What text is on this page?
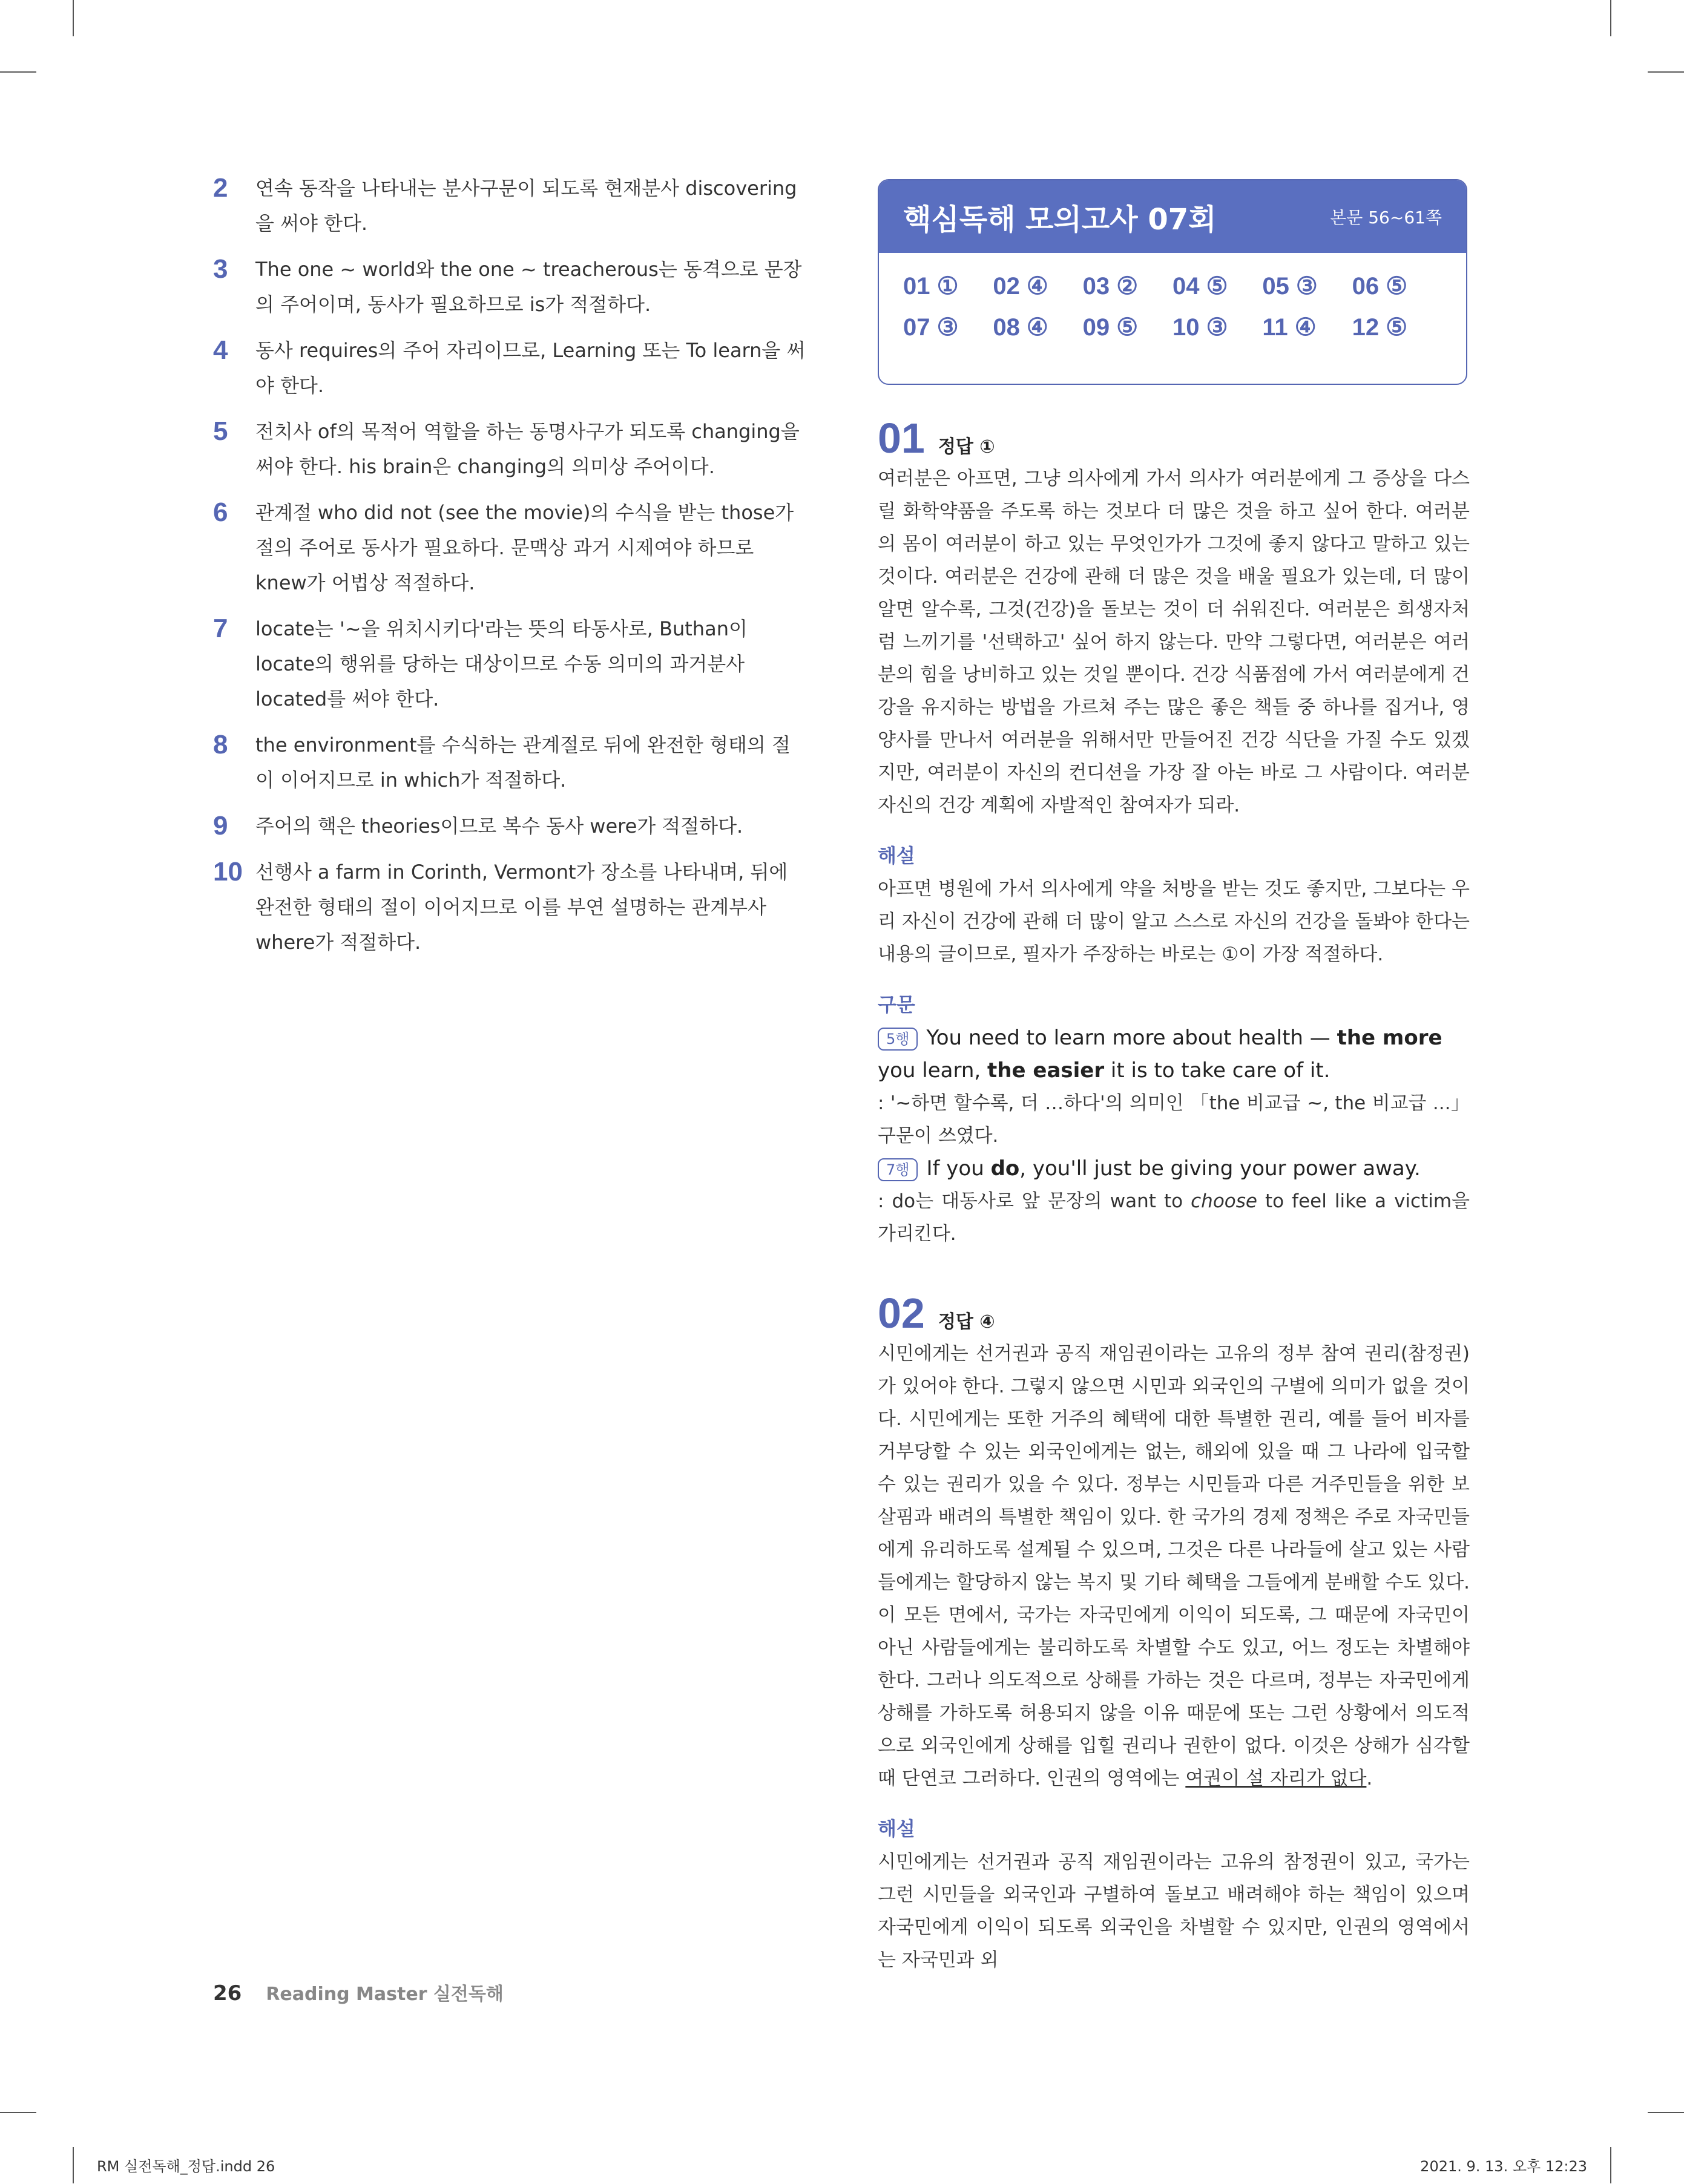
2	연속 동작을 나타내는 분사구문이 되도록 현재분사 discovering을 써야 한다.
3	The one ~ world와 the one ~ treacherous는 동격으로 문장의 주어이며, 동사가 필요하므로 is가 적절하다.
4	동사 requires의 주어 자리이므로, Learning 또는 To learn을 써야 한다.
5	전치사 of의 목적어 역할을 하는 동명사구가 되도록 changing을 써야 한다. his brain은 changing의 의미상 주어이다.
6	관계절 who did not (see the movie)의 수식을 받는 those가 절의 주어로 동사가 필요하다. 문맥상 과거 시제여야 하므로 knew가 어법상 적절하다.
7	locate는 '~을 위치시키다'라는 뜻의 타동사로, Buthan이 locate의 행위를 당하는 대상이므로 수동 의미의 과거분사 located를 써야 한다.
8	the environment를 수식하는 관계절로 뒤에 완전한 형태의 절이 이어지므로 in which가 적절하다.
9	주어의 핵은 theories이므로 복수 동사 were가 적절하다.
10 선행사 a farm in Corinth, Vermont가 장소를 나타내며, 뒤에 완전한 형태의 절이 이어지므로 이를 부연 설명하는 관계부사 where가 적절하다.
핵심독해 모의고사 07회	본문 56~61쪽
01 ①	02 ④	03 ②	04 ⑤	05 ③	06 ⑤
07 ③	08 ④	09 ⑤	10 ③	11 ④	12 ⑤
01 정답 ①
여러분은 아프면, 그냥 의사에게 가서 의사가 여러분에게 그 증상을 다스릴 화학약품을 주도록 하는 것보다 더 많은 것을 하고 싶어 한다. 여러분의 몸이 여러분이 하고 있는 무엇인가가 그것에 좋지 않다고 말하고 있는 것이다. 여러분은 건강에 관해 더 많은 것을 배울 필요가 있는데, 더 많이 알면 알수록, 그것(건강)을 돌보는 것이 더 쉬워진다. 여러분은 희생자처럼 느끼기를 '선택하고' 싶어 하지 않는다. 만약 그렇다면, 여러분은 여러분의 힘을 낭비하고 있는 것일 뿐이다. 건강 식품점에 가서 여러분에게 건강을 유지하는 방법을 가르쳐 주는 많은 좋은 책들 중 하나를 집거나, 영양사를 만나서 여러분을 위해서만 만들어진 건강 식단을 가질 수도 있겠지만, 여러분이 자신의 컨디션을 가장 잘 아는 바로 그 사람이다. 여러분 자신의 건강 계획에 자발적인 참여자가 되라.
해설
아프면 병원에 가서 의사에게 약을 처방을 받는 것도 좋지만, 그보다는 우리 자신이 건강에 관해 더 많이 알고 스스로 자신의 건강을 돌봐야 한다는 내용의 글이므로, 필자가 주장하는 바로는 ①이 가장 적절하다.
구문
5행 You need to learn more about health — the more you learn, the easier it is to take care of it.
: '~하면 할수록, 더 …하다'의 의미인 「the 비교급 ~, the 비교급 ...」 구문이 쓰였다.
7행 If you do, you'll just be giving your power away.
: do는 대동사로 앞 문장의 want to choose to feel like a victim을 가리킨다.
02 정답 ④
시민에게는 선거권과 공직 재임권이라는 고유의 정부 참여 권리(참정권)가 있어야 한다. 그렇지 않으면 시민과 외국인의 구별에 의미가 없을 것이다. 시민에게는 또한 거주의 혜택에 대한 특별한 권리, 예를 들어 비자를 거부당할 수 있는 외국인에게는 없는, 해외에 있을 때 그 나라에 입국할 수 있는 권리가 있을 수 있다. 정부는 시민들과 다른 거주민들을 위한 보살핌과 배려의 특별한 책임이 있다. 한 국가의 경제 정책은 주로 자국민들에게 유리하도록 설계될 수 있으며, 그것은 다른 나라들에 살고 있는 사람들에게는 할당하지 않는 복지 및 기타 혜택을 그들에게 분배할 수도 있다. 이 모든 면에서, 국가는 자국민에게 이익이 되도록, 그 때문에 자국민이 아닌 사람들에게는 불리하도록 차별할 수도 있고, 어느 정도는 차별해야 한다. 그러나 의도적으로 상해를 가하는 것은 다르며, 정부는 자국민에게 상해를 가하도록 허용되지 않을 이유 때문에 또는 그런 상황에서 의도적으로 외국인에게 상해를 입힐 권리나 권한이 없다. 이것은 상해가 심각할 때 단연코 그러하다. 인권의 영역에는 여권이 설 자리가 없다.
해설
시민에게는 선거권과 공직 재임권이라는 고유의 참정권이 있고, 국가는 그런 시민들을 외국인과 구별하여 돌보고 배려해야 하는 책임이 있으며 자국민에게 이익이 되도록 외국인을 차별할 수 있지만, 인권의 영역에서는 자국민과 외
26 Reading Master 실전독해
RM 실전독해_정답.indd 26	2021. 9. 13. 오후 12:23
